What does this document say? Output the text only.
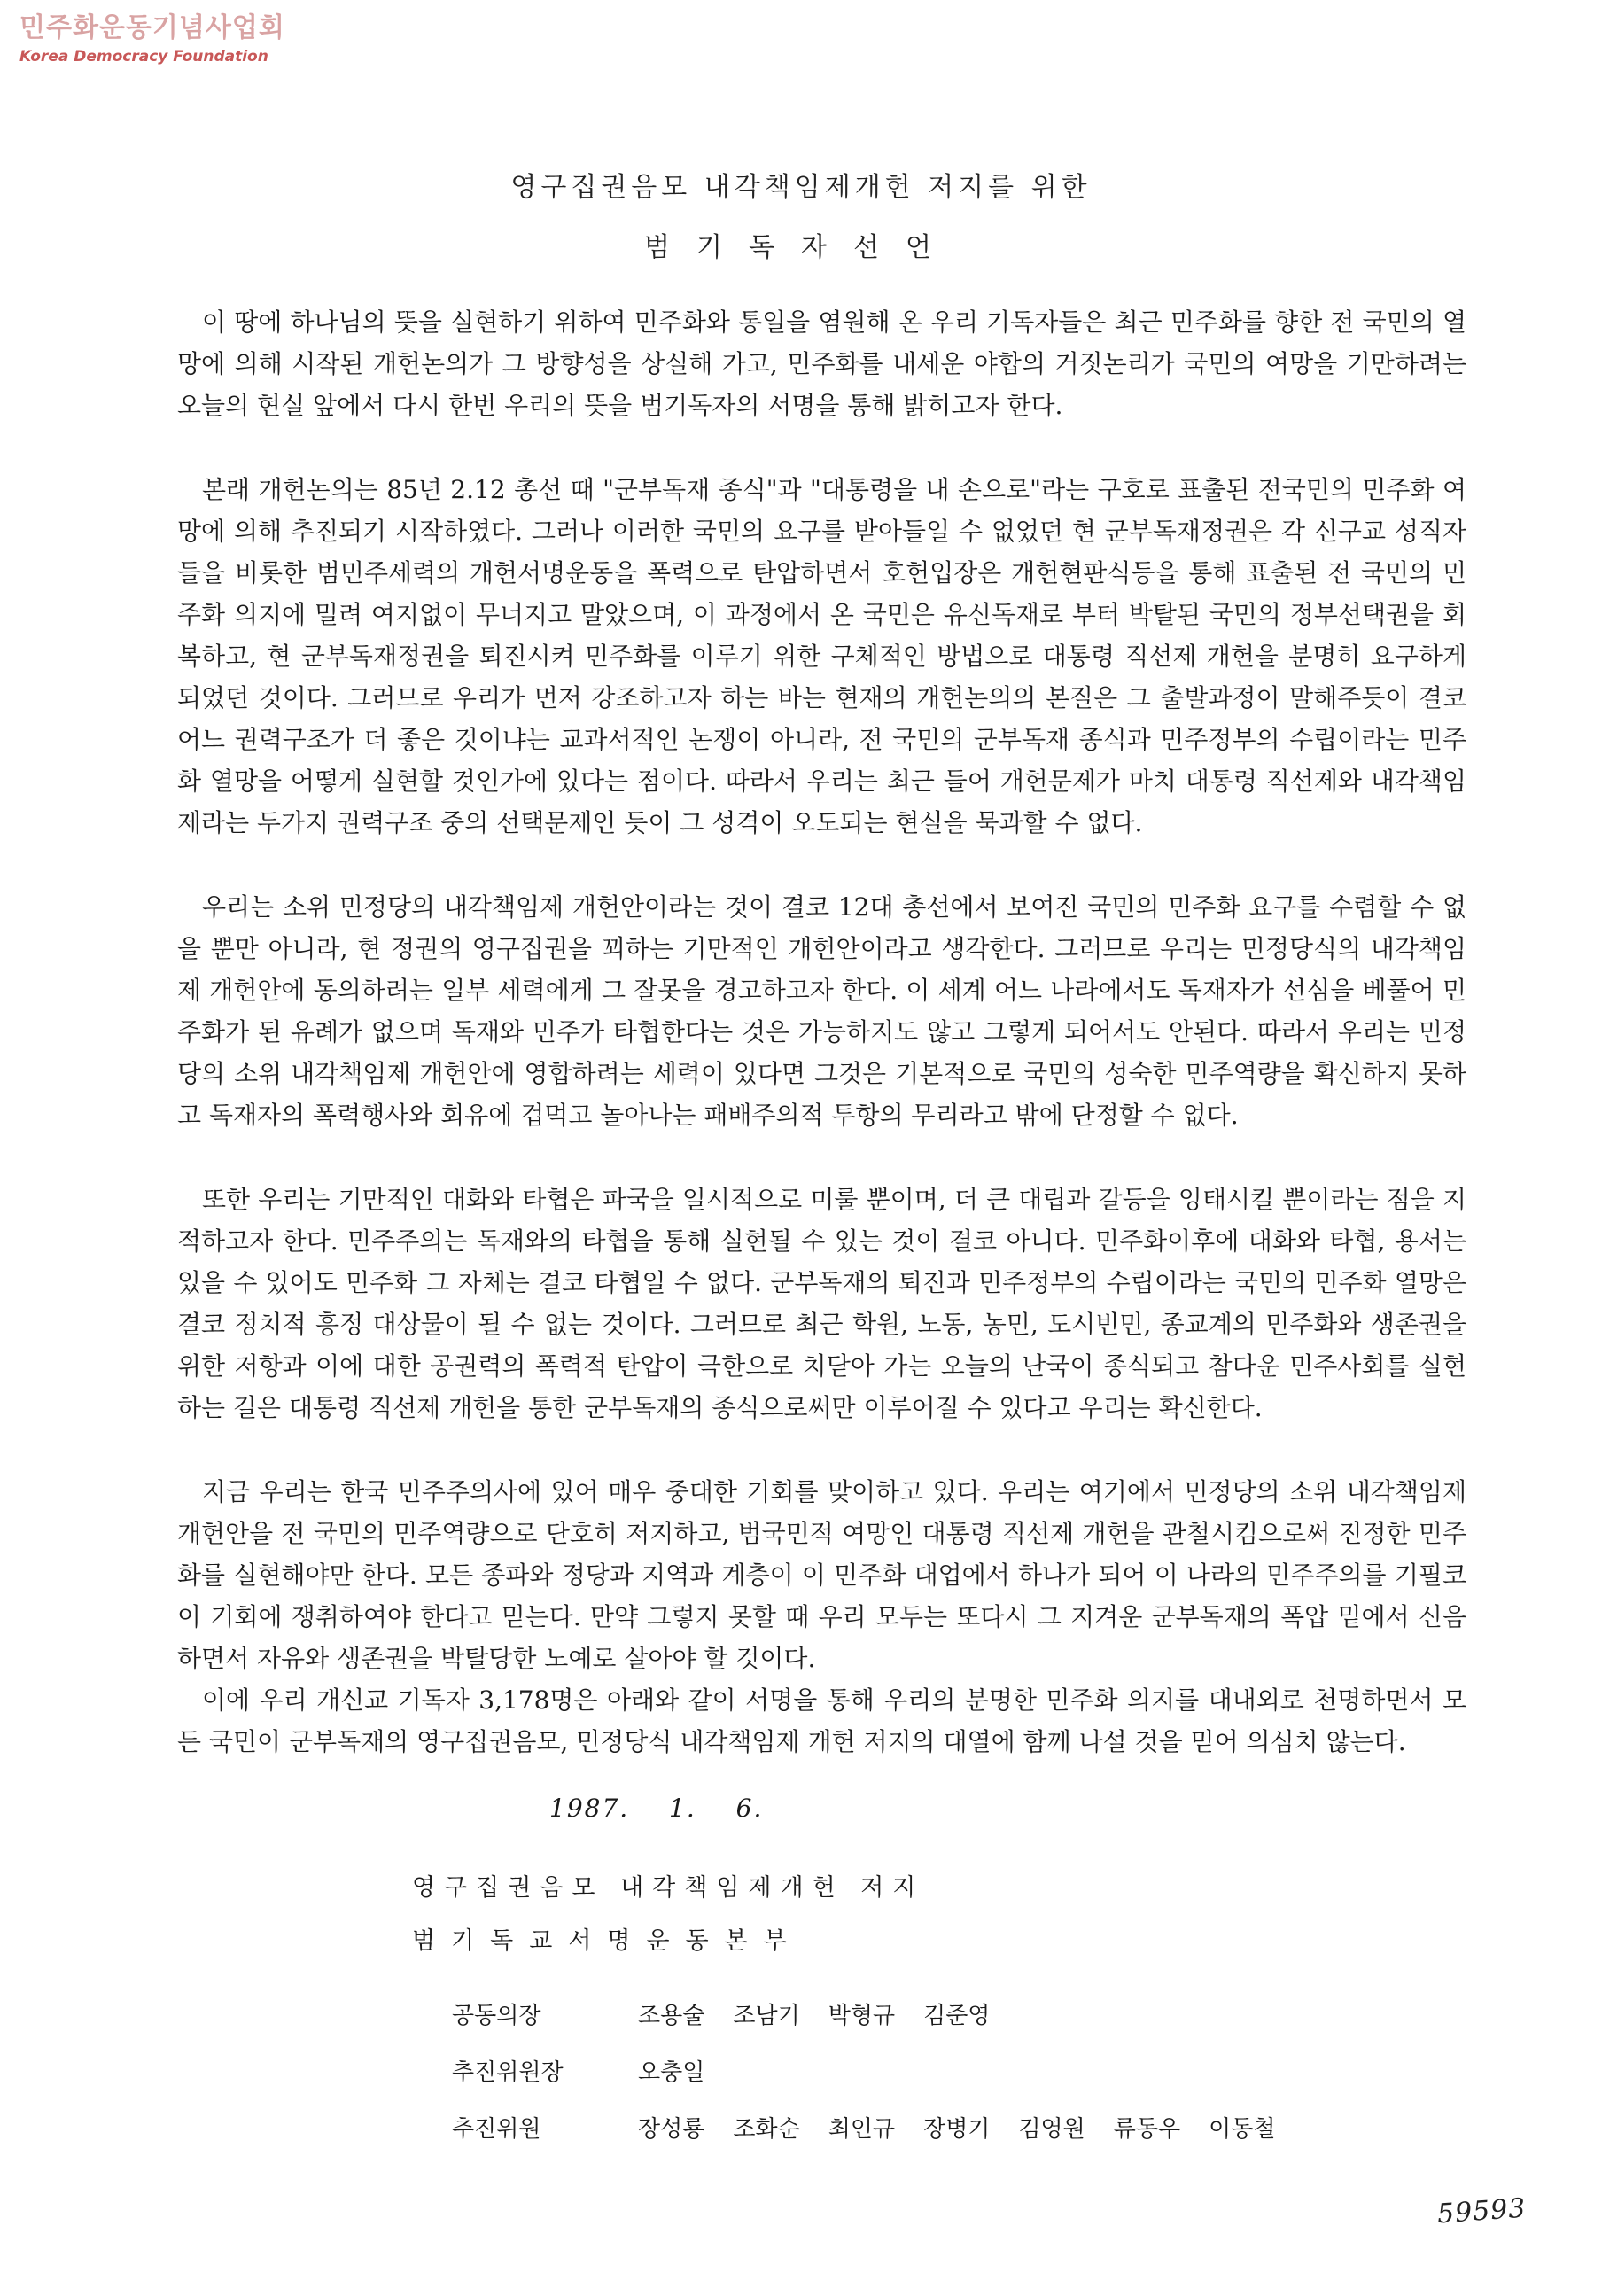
민주화운동기념사업회
Korea Democracy Foundation
영구집권음모 내각책임제개헌 저지를 위한
범기독자선언

이 땅에 하나님의 뜻을 실현하기 위하여 민주화와 통일을 염원해 온 우리 기독자들은 최근 민주화를 향한 전 국민의 열망에 의해 시작된 개헌논의가 그 방향성을 상실해 가고, 민주화를 내세운 야합의 거짓논리가 국민의 여망을 기만하려는 오늘의 현실 앞에서 다시 한번 우리의 뜻을 범기독자의 서명을 통해 밝히고자 한다.

본래 개헌논의는 85년 2.12 총선 때 "군부독재 종식"과 "대통령을 내 손으로"라는 구호로 표출된 전국민의 민주화 여망에 의해 추진되기 시작하였다. 그러나 이러한 국민의 요구를 받아들일 수 없었던 현 군부독재정권은 각 신구교 성직자들을 비롯한 범민주세력의 개헌서명운동을 폭력으로 탄압하면서 호헌입장은 개헌현판식등을 통해 표출된 전 국민의 민주화 의지에 밀려 여지없이 무너지고 말았으며, 이 과정에서 온 국민은 유신독재로 부터 박탈된 국민의 정부선택권을 회복하고, 현 군부독재정권을 퇴진시켜 민주화를 이루기 위한 구체적인 방법으로 대통령 직선제 개헌을 분명히 요구하게 되었던 것이다. 그러므로 우리가 먼저 강조하고자 하는 바는 현재의 개헌논의의 본질은 그 출발과정이 말해주듯이 결코 어느 권력구조가 더 좋은 것이냐는 교과서적인 논쟁이 아니라, 전 국민의 군부독재 종식과 민주정부의 수립이라는 민주화 열망을 어떻게 실현할 것인가에 있다는 점이다. 따라서 우리는 최근 들어 개헌문제가 마치 대통령 직선제와 내각책임제라는 두가지 권력구조 중의 선택문제인 듯이 그 성격이 오도되는 현실을 묵과할 수 없다.

우리는 소위 민정당의 내각책임제 개헌안이라는 것이 결코 12대 총선에서 보여진 국민의 민주화 요구를 수렴할 수 없을 뿐만 아니라, 현 정권의 영구집권을 꾀하는 기만적인 개헌안이라고 생각한다. 그러므로 우리는 민정당식의 내각책임제 개헌안에 동의하려는 일부 세력에게 그 잘못을 경고하고자 한다. 이 세계 어느 나라에서도 독재자가 선심을 베풀어 민주화가 된 유례가 없으며 독재와 민주가 타협한다는 것은 가능하지도 않고 그렇게 되어서도 안된다. 따라서 우리는 민정당의 소위 내각책임제 개헌안에 영합하려는 세력이 있다면 그것은 기본적으로 국민의 성숙한 민주역량을 확신하지 못하고 독재자의 폭력행사와 회유에 겁먹고 놀아나는 패배주의적 투항의 무리라고 밖에 단정할 수 없다.

또한 우리는 기만적인 대화와 타협은 파국을 일시적으로 미룰 뿐이며, 더 큰 대립과 갈등을 잉태시킬 뿐이라는 점을 지적하고자 한다. 민주주의는 독재와의 타협을 통해 실현될 수 있는 것이 결코 아니다. 민주화이후에 대화와 타협, 용서는 있을 수 있어도 민주화 그 자체는 결코 타협일 수 없다. 군부독재의 퇴진과 민주정부의 수립이라는 국민의 민주화 열망은 결코 정치적 흥정 대상물이 될 수 없는 것이다. 그러므로 최근 학원, 노동, 농민, 도시빈민, 종교계의 민주화와 생존권을 위한 저항과 이에 대한 공권력의 폭력적 탄압이 극한으로 치닫아 가는 오늘의 난국이 종식되고 참다운 민주사회를 실현하는 길은 대통령 직선제 개헌을 통한 군부독재의 종식으로써만 이루어질 수 있다고 우리는 확신한다.

지금 우리는 한국 민주주의사에 있어 매우 중대한 기회를 맞이하고 있다. 우리는 여기에서 민정당의 소위 내각책임제 개헌안을 전 국민의 민주역량으로 단호히 저지하고, 범국민적 여망인 대통령 직선제 개헌을 관철시킴으로써 진정한 민주화를 실현해야만 한다. 모든 종파와 정당과 지역과 계층이 이 민주화 대업에서 하나가 되어 이 나라의 민주주의를 기필코 이 기회에 쟁취하여야 한다고 믿는다. 만약 그렇지 못할 때 우리 모두는 또다시 그 지겨운 군부독재의 폭압 밑에서 신음하면서 자유와 생존권을 박탈당한 노예로 살아야 할 것이다.

이에 우리 개신교 기독자 3,178명은 아래와 같이 서명을 통해 우리의 분명한 민주화 의지를 대내외로 천명하면서 모든 국민이 군부독재의 영구집권음모, 민정당식 내각책임제 개헌 저지의 대열에 함께 나설 것을 믿어 의심치 않는다.

1987. 1. 6.
영구집권음모 내각책임제개헌 저지
범기독교서명운동본부
공동의장	조용술 조남기 박형규 김준영
추진위원장	오충일
추진위원	장성룡 조화순 최인규 장병기 김영원 류동우 이동철
59593
